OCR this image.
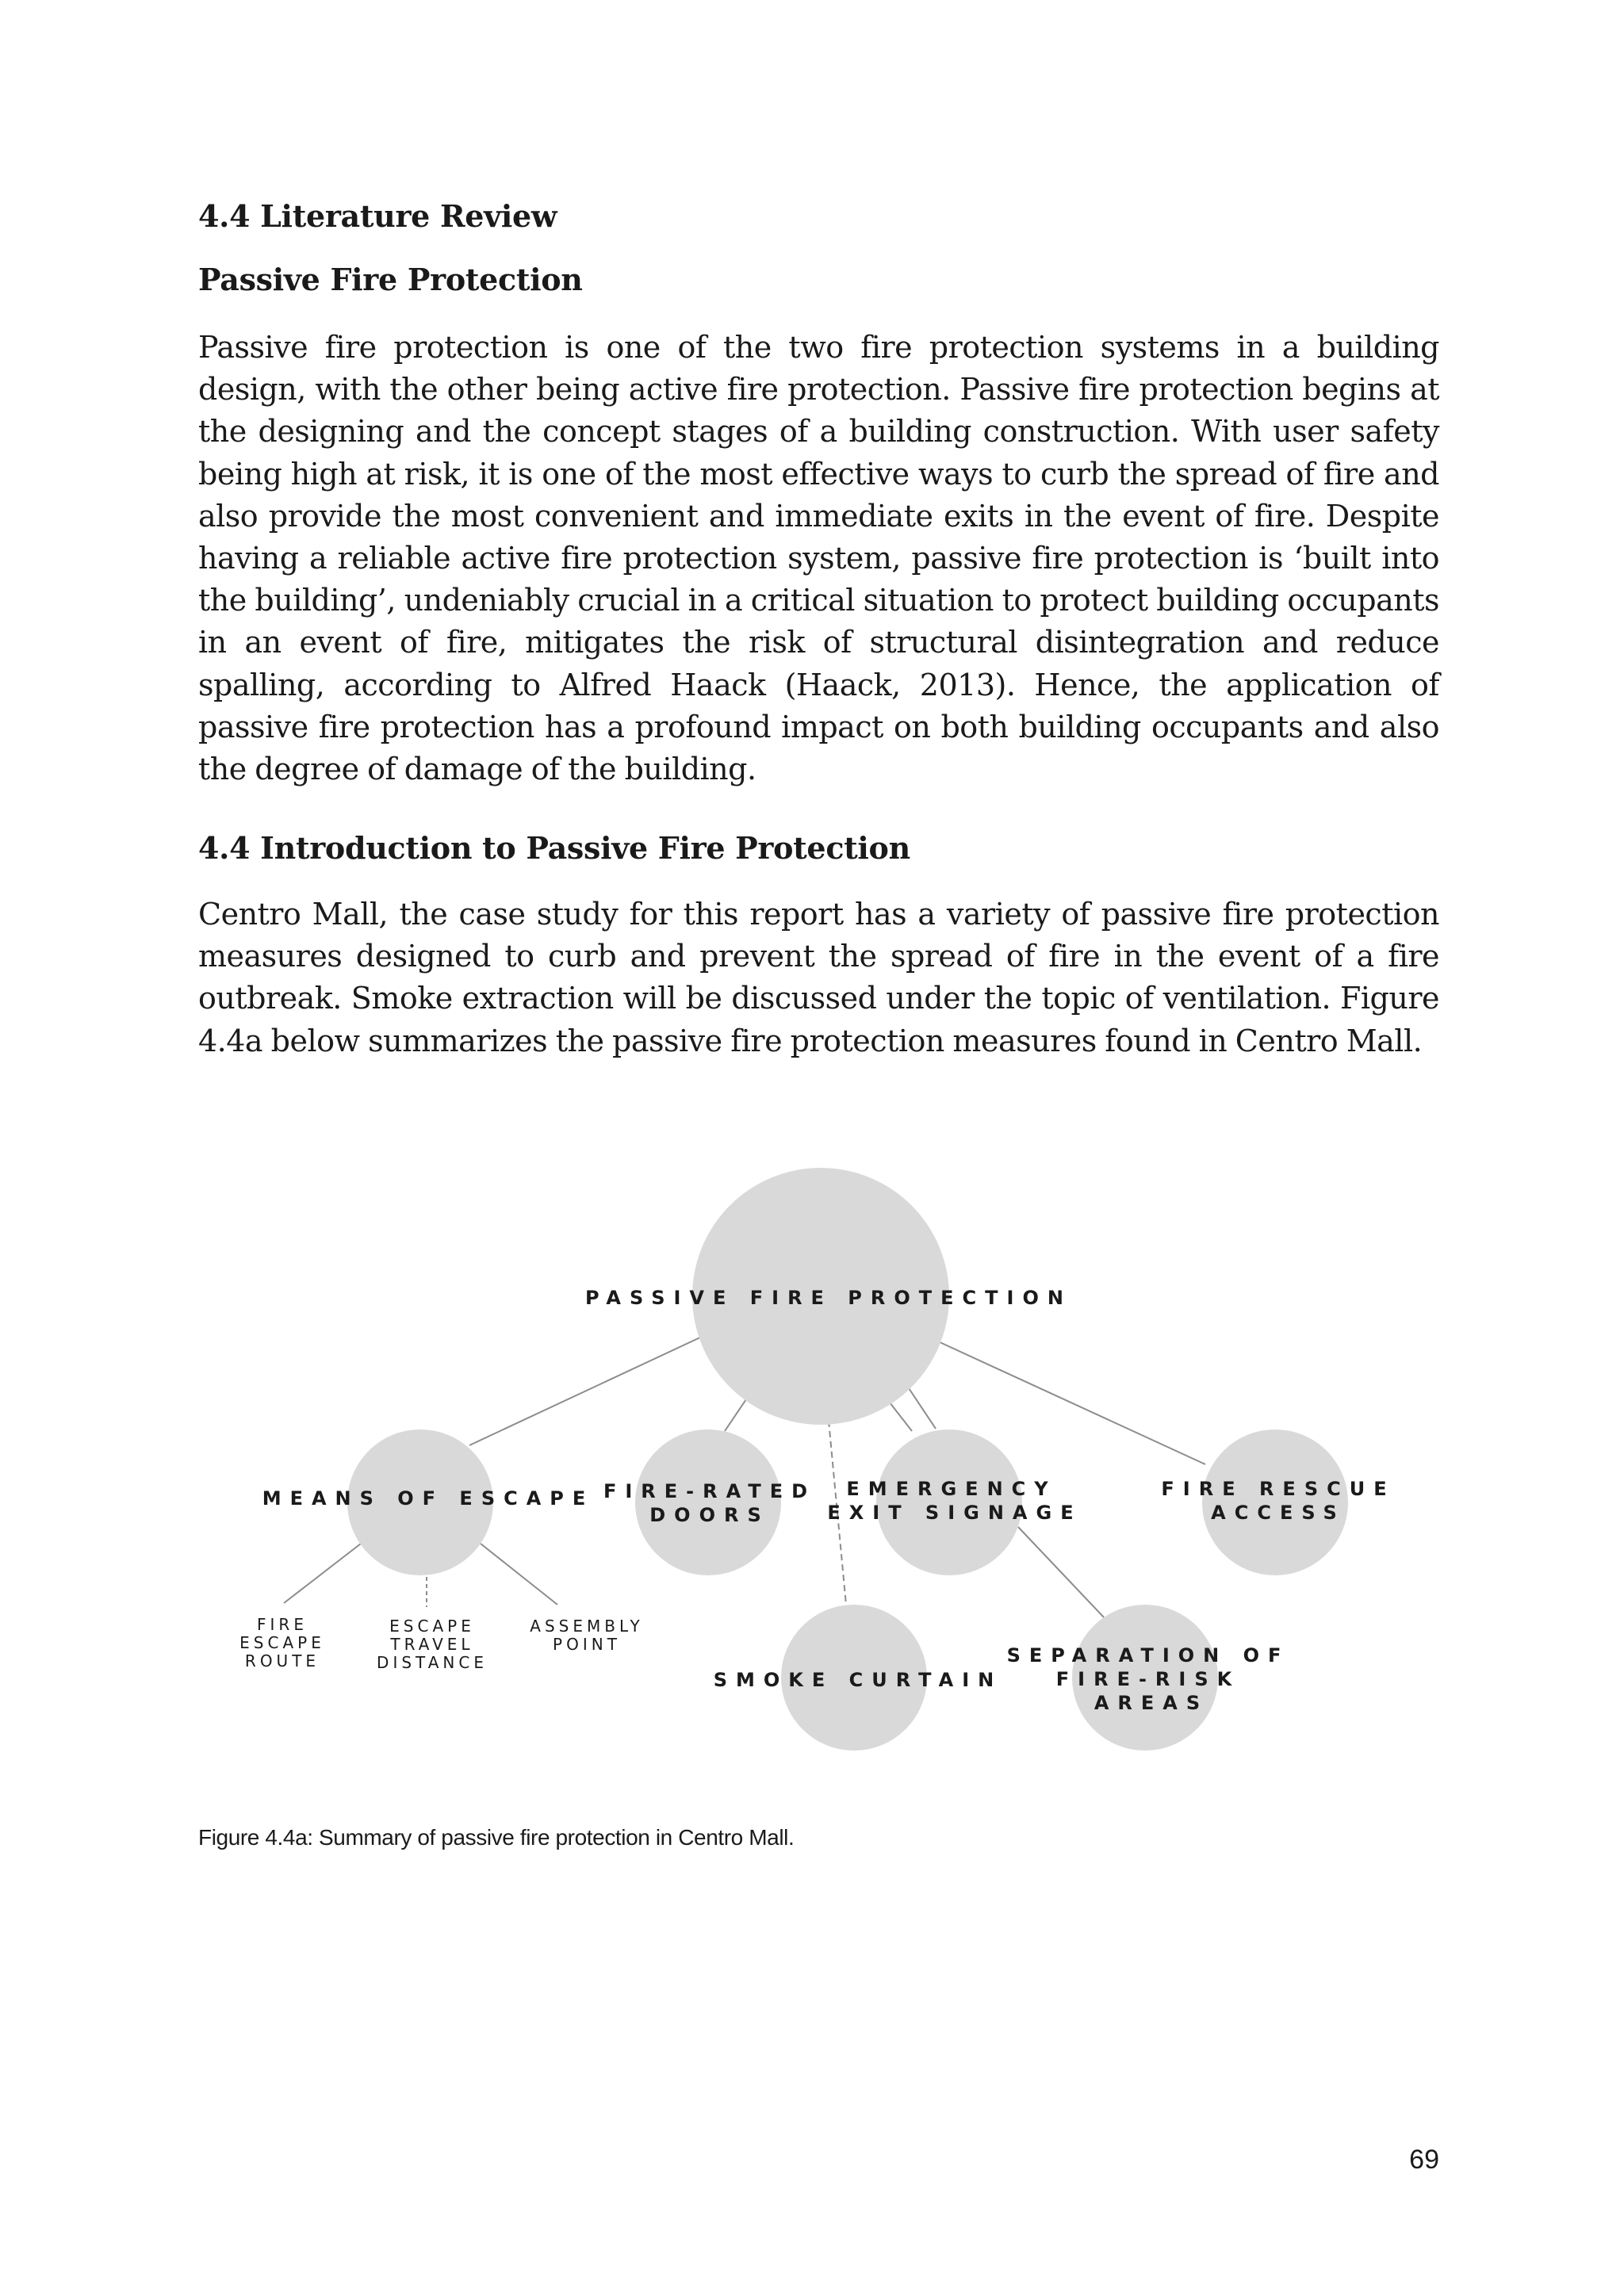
4.4 Literature Review
Passive Fire Protection

Passive fire protection is one of the two fire protection systems in a building design, with the other being active fire protection. Passive fire protection begins at the designing and the concept stages of a building construction. With user safety being high at risk, it is one of the most effective ways to curb the spread of fire and also provide the most convenient and immediate exits in the event of fire. Despite having a reliable active fire protection system, passive fire protection is ‘built into the building’, undeniably crucial in a critical situation to protect building occupants in an event of fire, mitigates the risk of structural disintegration and reduce spalling, according to Alfred Haack (Haack, 2013). Hence, the application of passive fire protection has a profound impact on both building occupants and also the degree of damage of the building.

4.4 Introduction to Passive Fire Protection

Centro Mall, the case study for this report has a variety of passive fire protection measures designed to curb and prevent the spread of fire in the event of a fire outbreak. Smoke extraction will be discussed under the topic of ventilation. Figure 4.4a below summarizes the passive fire protection measures found in Centro Mall.

PASSIVE FIRE PROTECTION
MEANS OF ESCAPE FIRE-RATED
DOORS
EMERGENCY
EXIT SIGNAGE
FIRE RESCUE
ACCESS
SMOKE CURTAIN
SEPARATION OF
FIRE-RISK
AREAS
FIRE
ESCAPE
ROUTE
ESCAPE
TRAVEL
DISTANCE
ASSEMBLY
POINT

Figure 4.4a: Summary of passive fire protection in Centro Mall.

69
